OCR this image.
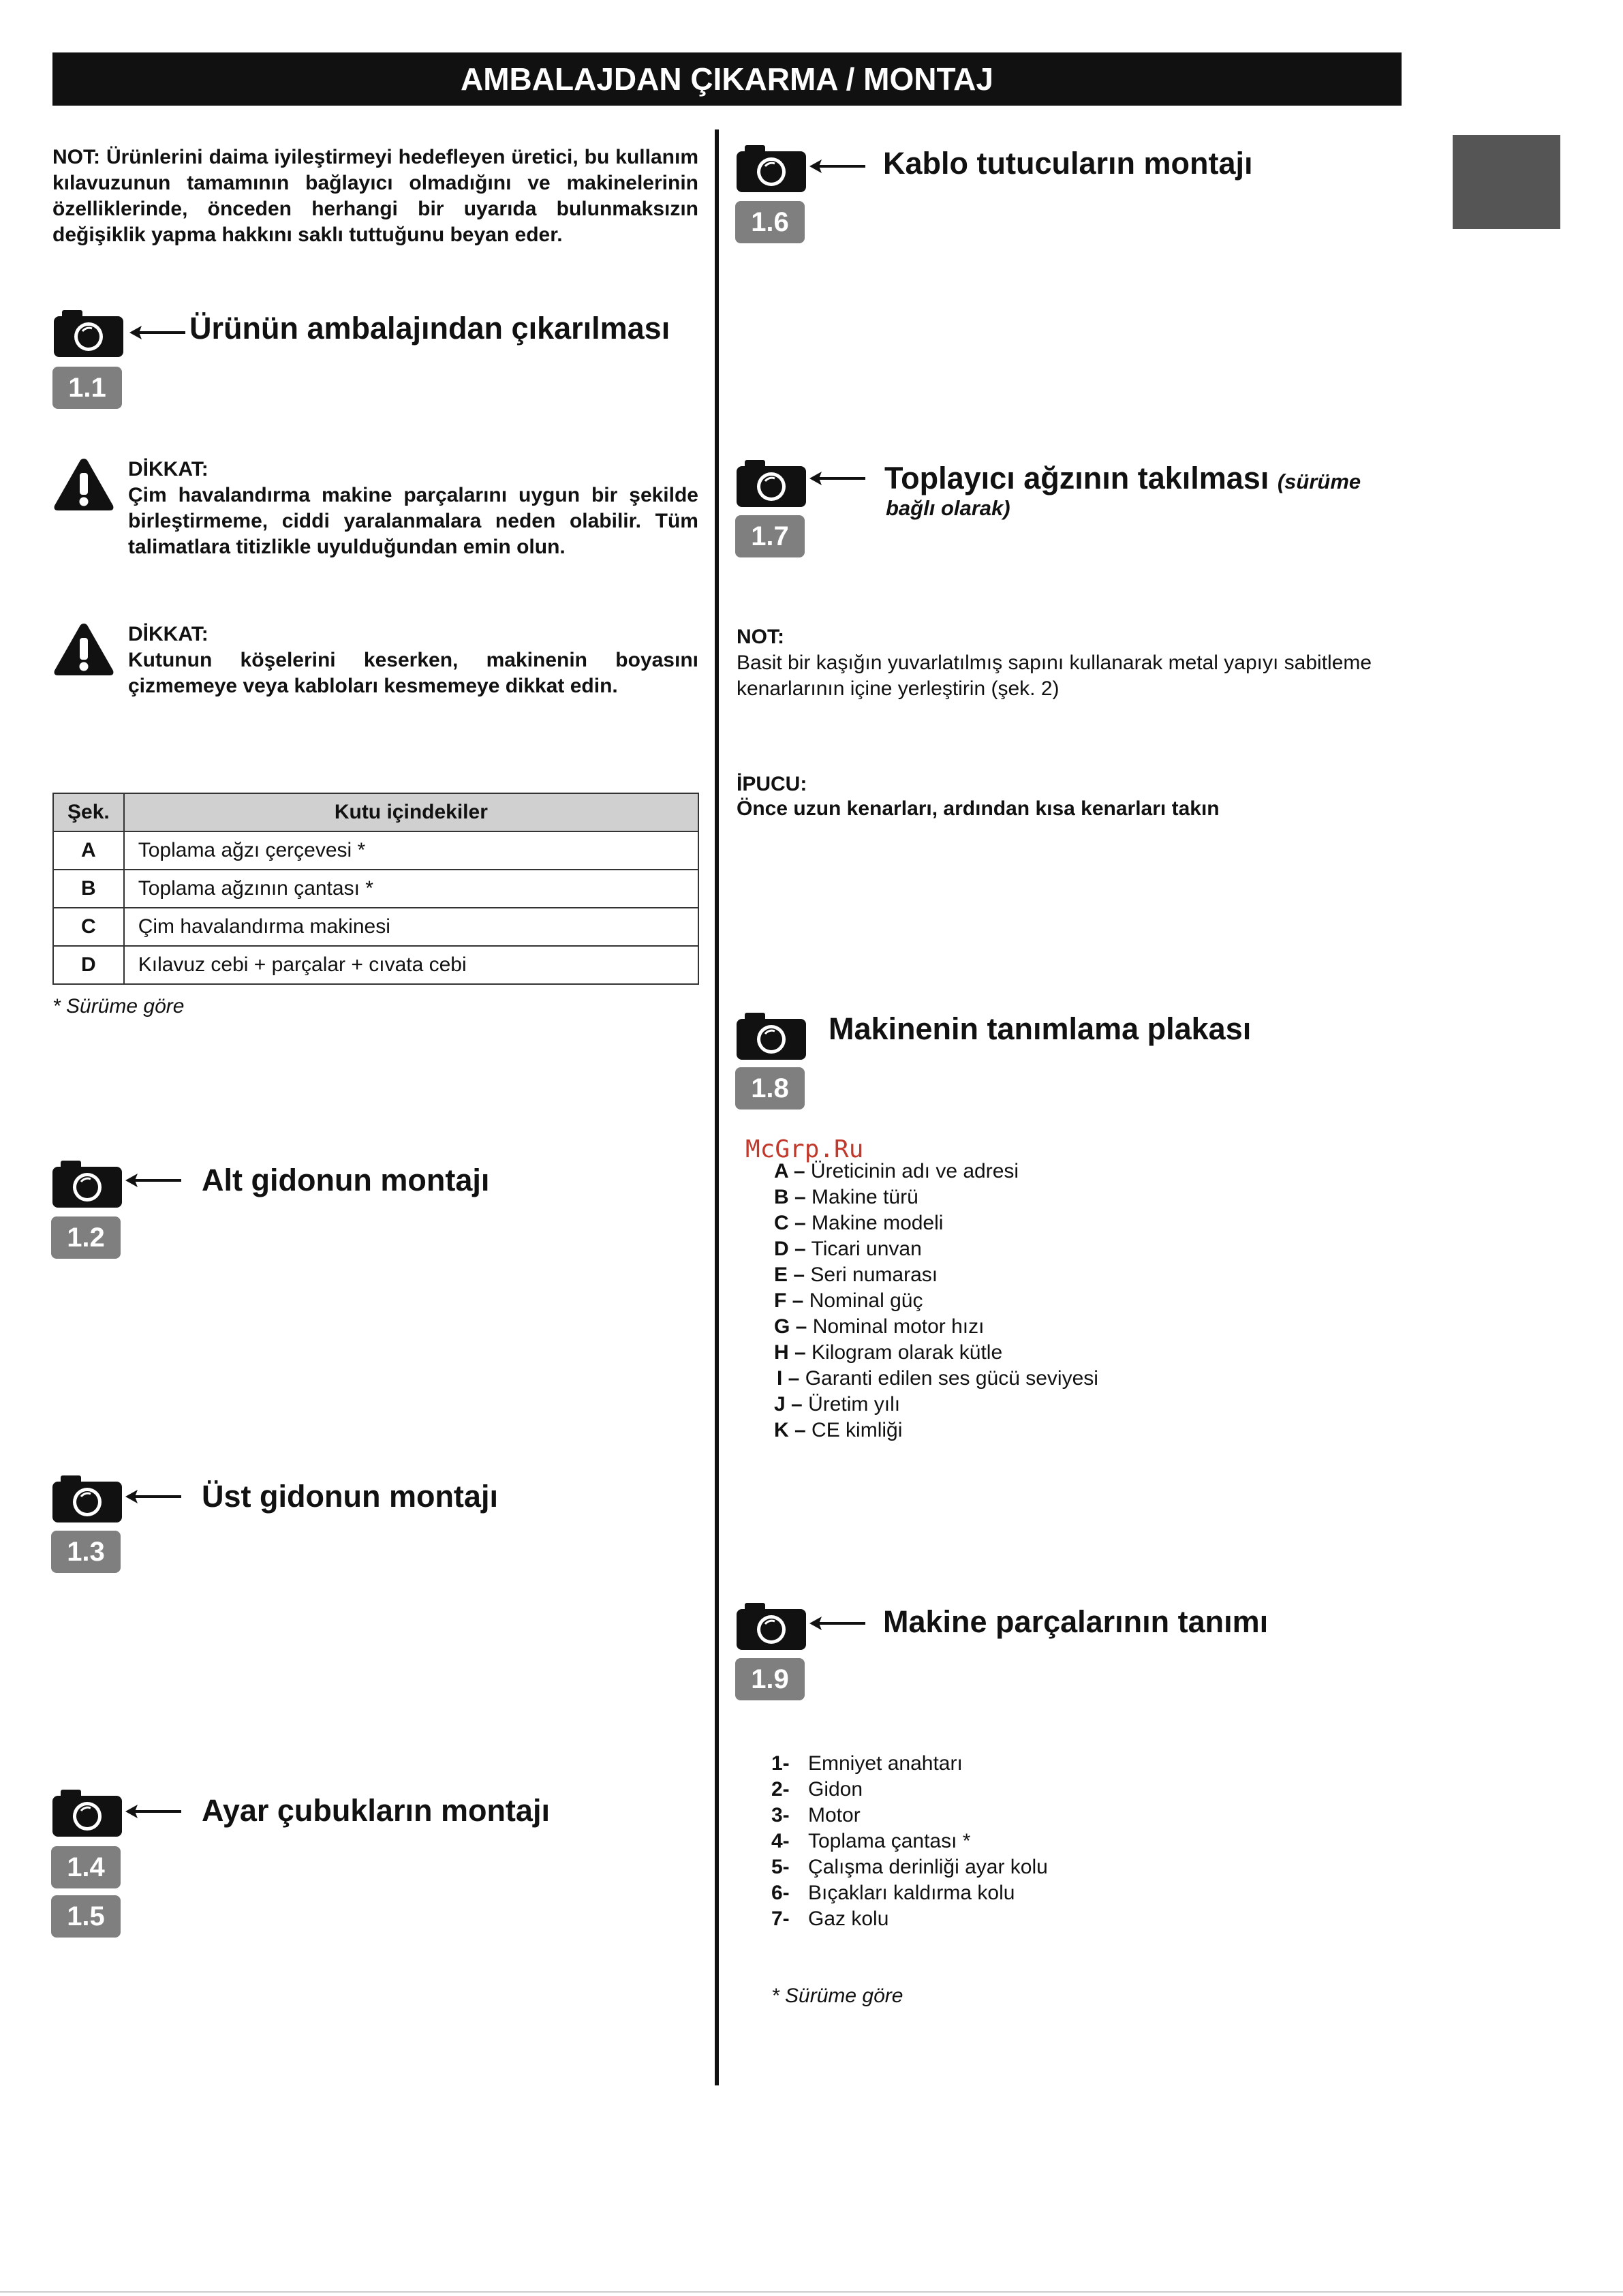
AMBALAJDAN ÇIKARMA / MONTAJ
NOT: Ürünlerini daima iyileştirmeyi hedefleyen üretici, bu kullanım kılavuzunun tamamının bağlayıcı olmadığını ve makinelerinin özelliklerinde, önceden herhangi bir uyarıda bulunmaksızın değişiklik yapma hakkını saklı tuttuğunu beyan eder.
Ürünün ambalajından çıkarılması
1.1
DİKKAT:
Çim havalandırma makine parçalarını uygun bir şekilde birleştirmeme, ciddi yaralanmalara neden olabilir. Tüm talimatlara titizlikle uyulduğundan emin olun.
DİKKAT:
Kutunun köşelerini keserken, makinenin boyasını çizmemeye veya kabloları kesmemeye dikkat edin.
Şek.	Kutu içindekiler
A	Toplama ağzı çerçevesi *
B	Toplama ağzının çantası *
C	Çim havalandırma makinesi
D	Kılavuz cebi + parçalar + cıvata cebi
* Sürüme göre
Alt gidonun montajı
1.2
Üst gidonun montajı
1.3
Ayar çubukların montajı
1.4
1.5
Kablo tutucuların montajı
1.6
Toplayıcı ağzının takılması (sürüme
bağlı olarak)
1.7
NOT:
Basit bir kaşığın yuvarlatılmış sapını kullanarak metal yapıyı sabitleme kenarlarının içine yerleştirin (şek. 2)
İPUCU:
Önce uzun kenarları, ardından kısa kenarları takın
Makinenin tanımlama plakası
1.8
McGrp.Ru
A – Üreticinin adı ve adresi
B – Makine türü
C – Makine modeli
D – Ticari unvan
E – Seri numarası
F – Nominal güç
G – Nominal motor hızı
H – Kilogram olarak kütle
I – Garanti edilen ses gücü seviyesi
J – Üretim yılı
K – CE kimliği
Makine parçalarının tanımı
1.9
1- Emniyet anahtarı
2- Gidon
3- Motor
4- Toplama çantası *
5- Çalışma derinliği ayar kolu
6- Bıçakları kaldırma kolu
7- Gaz kolu
* Sürüme göre
